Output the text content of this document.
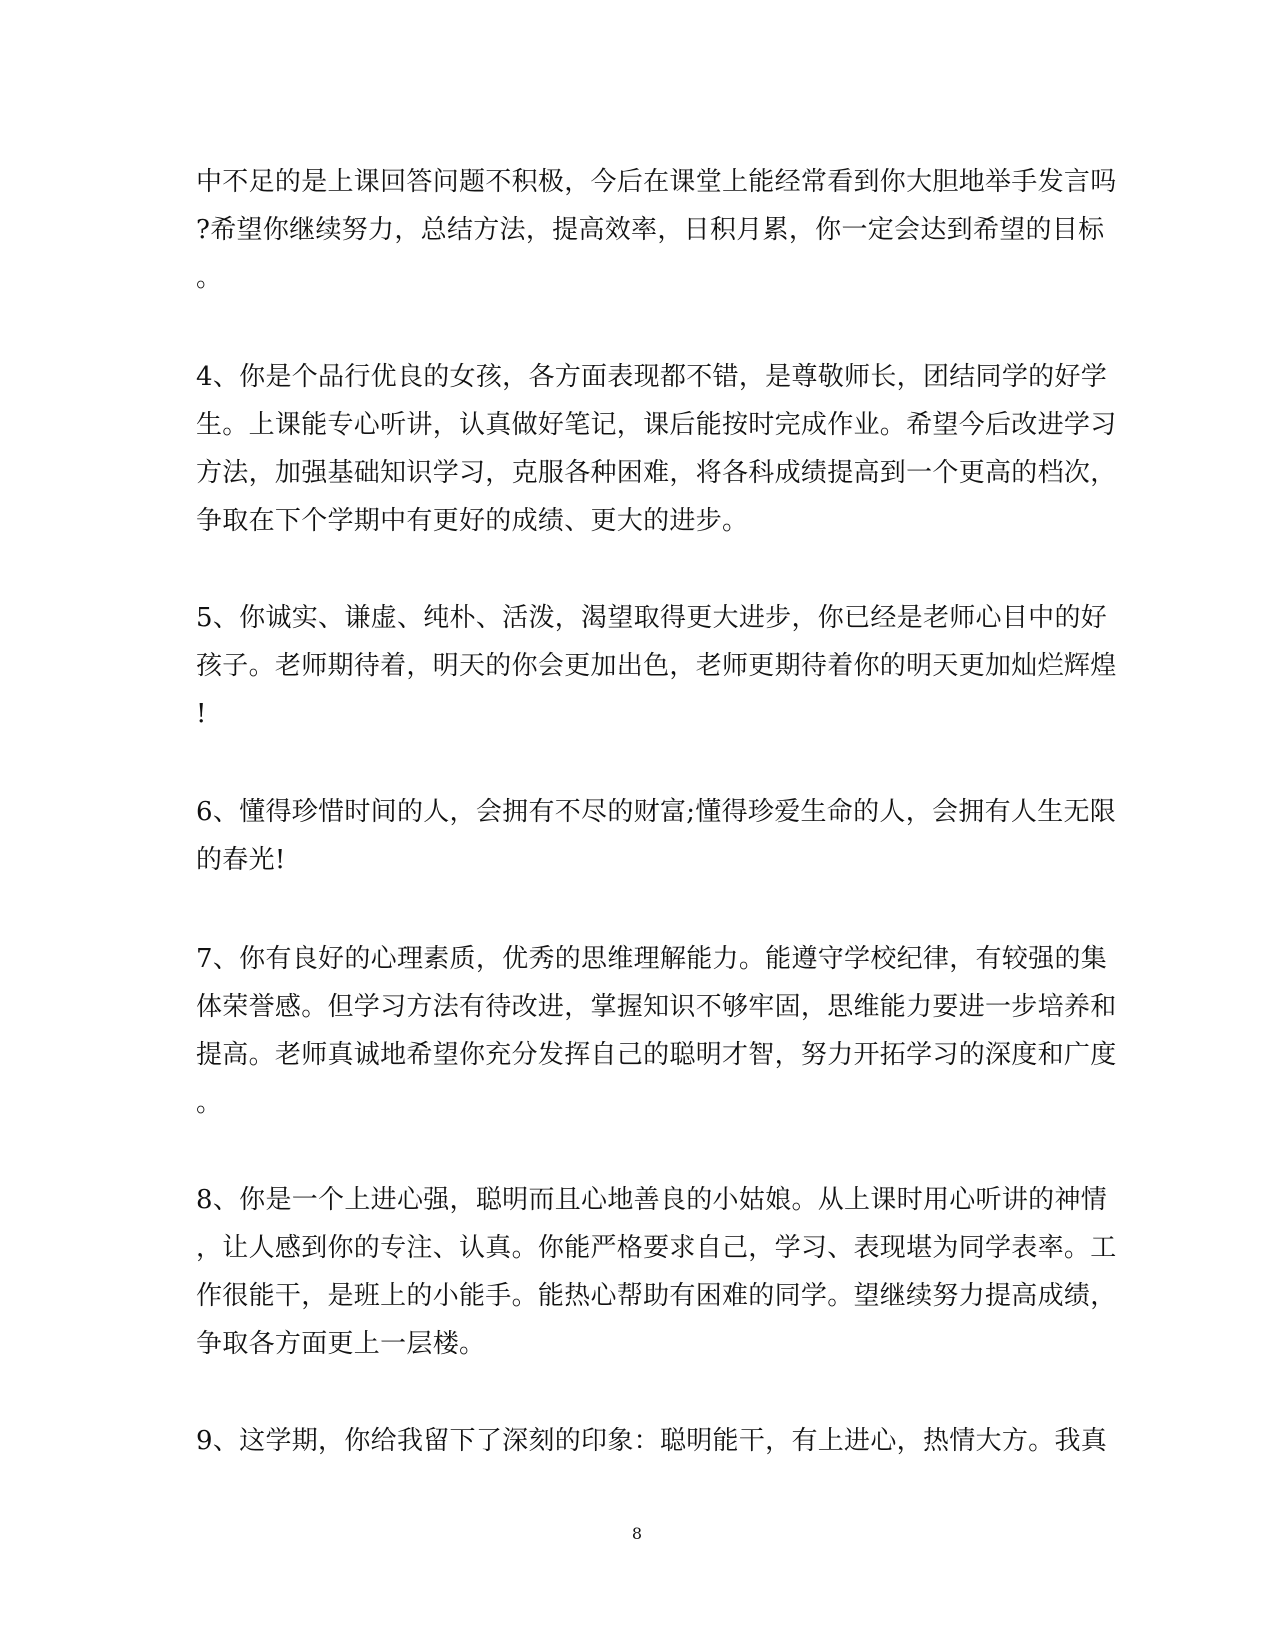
中不足的是上课回答问题不积极，今后在课堂上能经常看到你大胆地举手发言吗
?希望你继续努力，总结方法，提高效率，日积月累，你一定会达到希望的目标
。
4、你是个品行优良的女孩，各方面表现都不错，是尊敬师长，团结同学的好学
生。上课能专心听讲，认真做好笔记，课后能按时完成作业。希望今后改进学习
方法，加强基础知识学习，克服各种困难，将各科成绩提高到一个更高的档次，
争取在下个学期中有更好的成绩、更大的进步。
5、你诚实、谦虚、纯朴、活泼，渴望取得更大进步，你已经是老师心目中的好
孩子。老师期待着，明天的你会更加出色，老师更期待着你的明天更加灿烂辉煌
!
6、懂得珍惜时间的人，会拥有不尽的财富;懂得珍爱生命的人，会拥有人生无限
的春光!
7、你有良好的心理素质，优秀的思维理解能力。能遵守学校纪律，有较强的集
体荣誉感。但学习方法有待改进，掌握知识不够牢固，思维能力要进一步培养和
提高。老师真诚地希望你充分发挥自己的聪明才智，努力开拓学习的深度和广度
。
8、你是一个上进心强，聪明而且心地善良的小姑娘。从上课时用心听讲的神情
，让人感到你的专注、认真。你能严格要求自己，学习、表现堪为同学表率。工
作很能干，是班上的小能手。能热心帮助有困难的同学。望继续努力提高成绩，
争取各方面更上一层楼。
9、这学期，你给我留下了深刻的印象：聪明能干，有上进心，热情大方。我真
8
